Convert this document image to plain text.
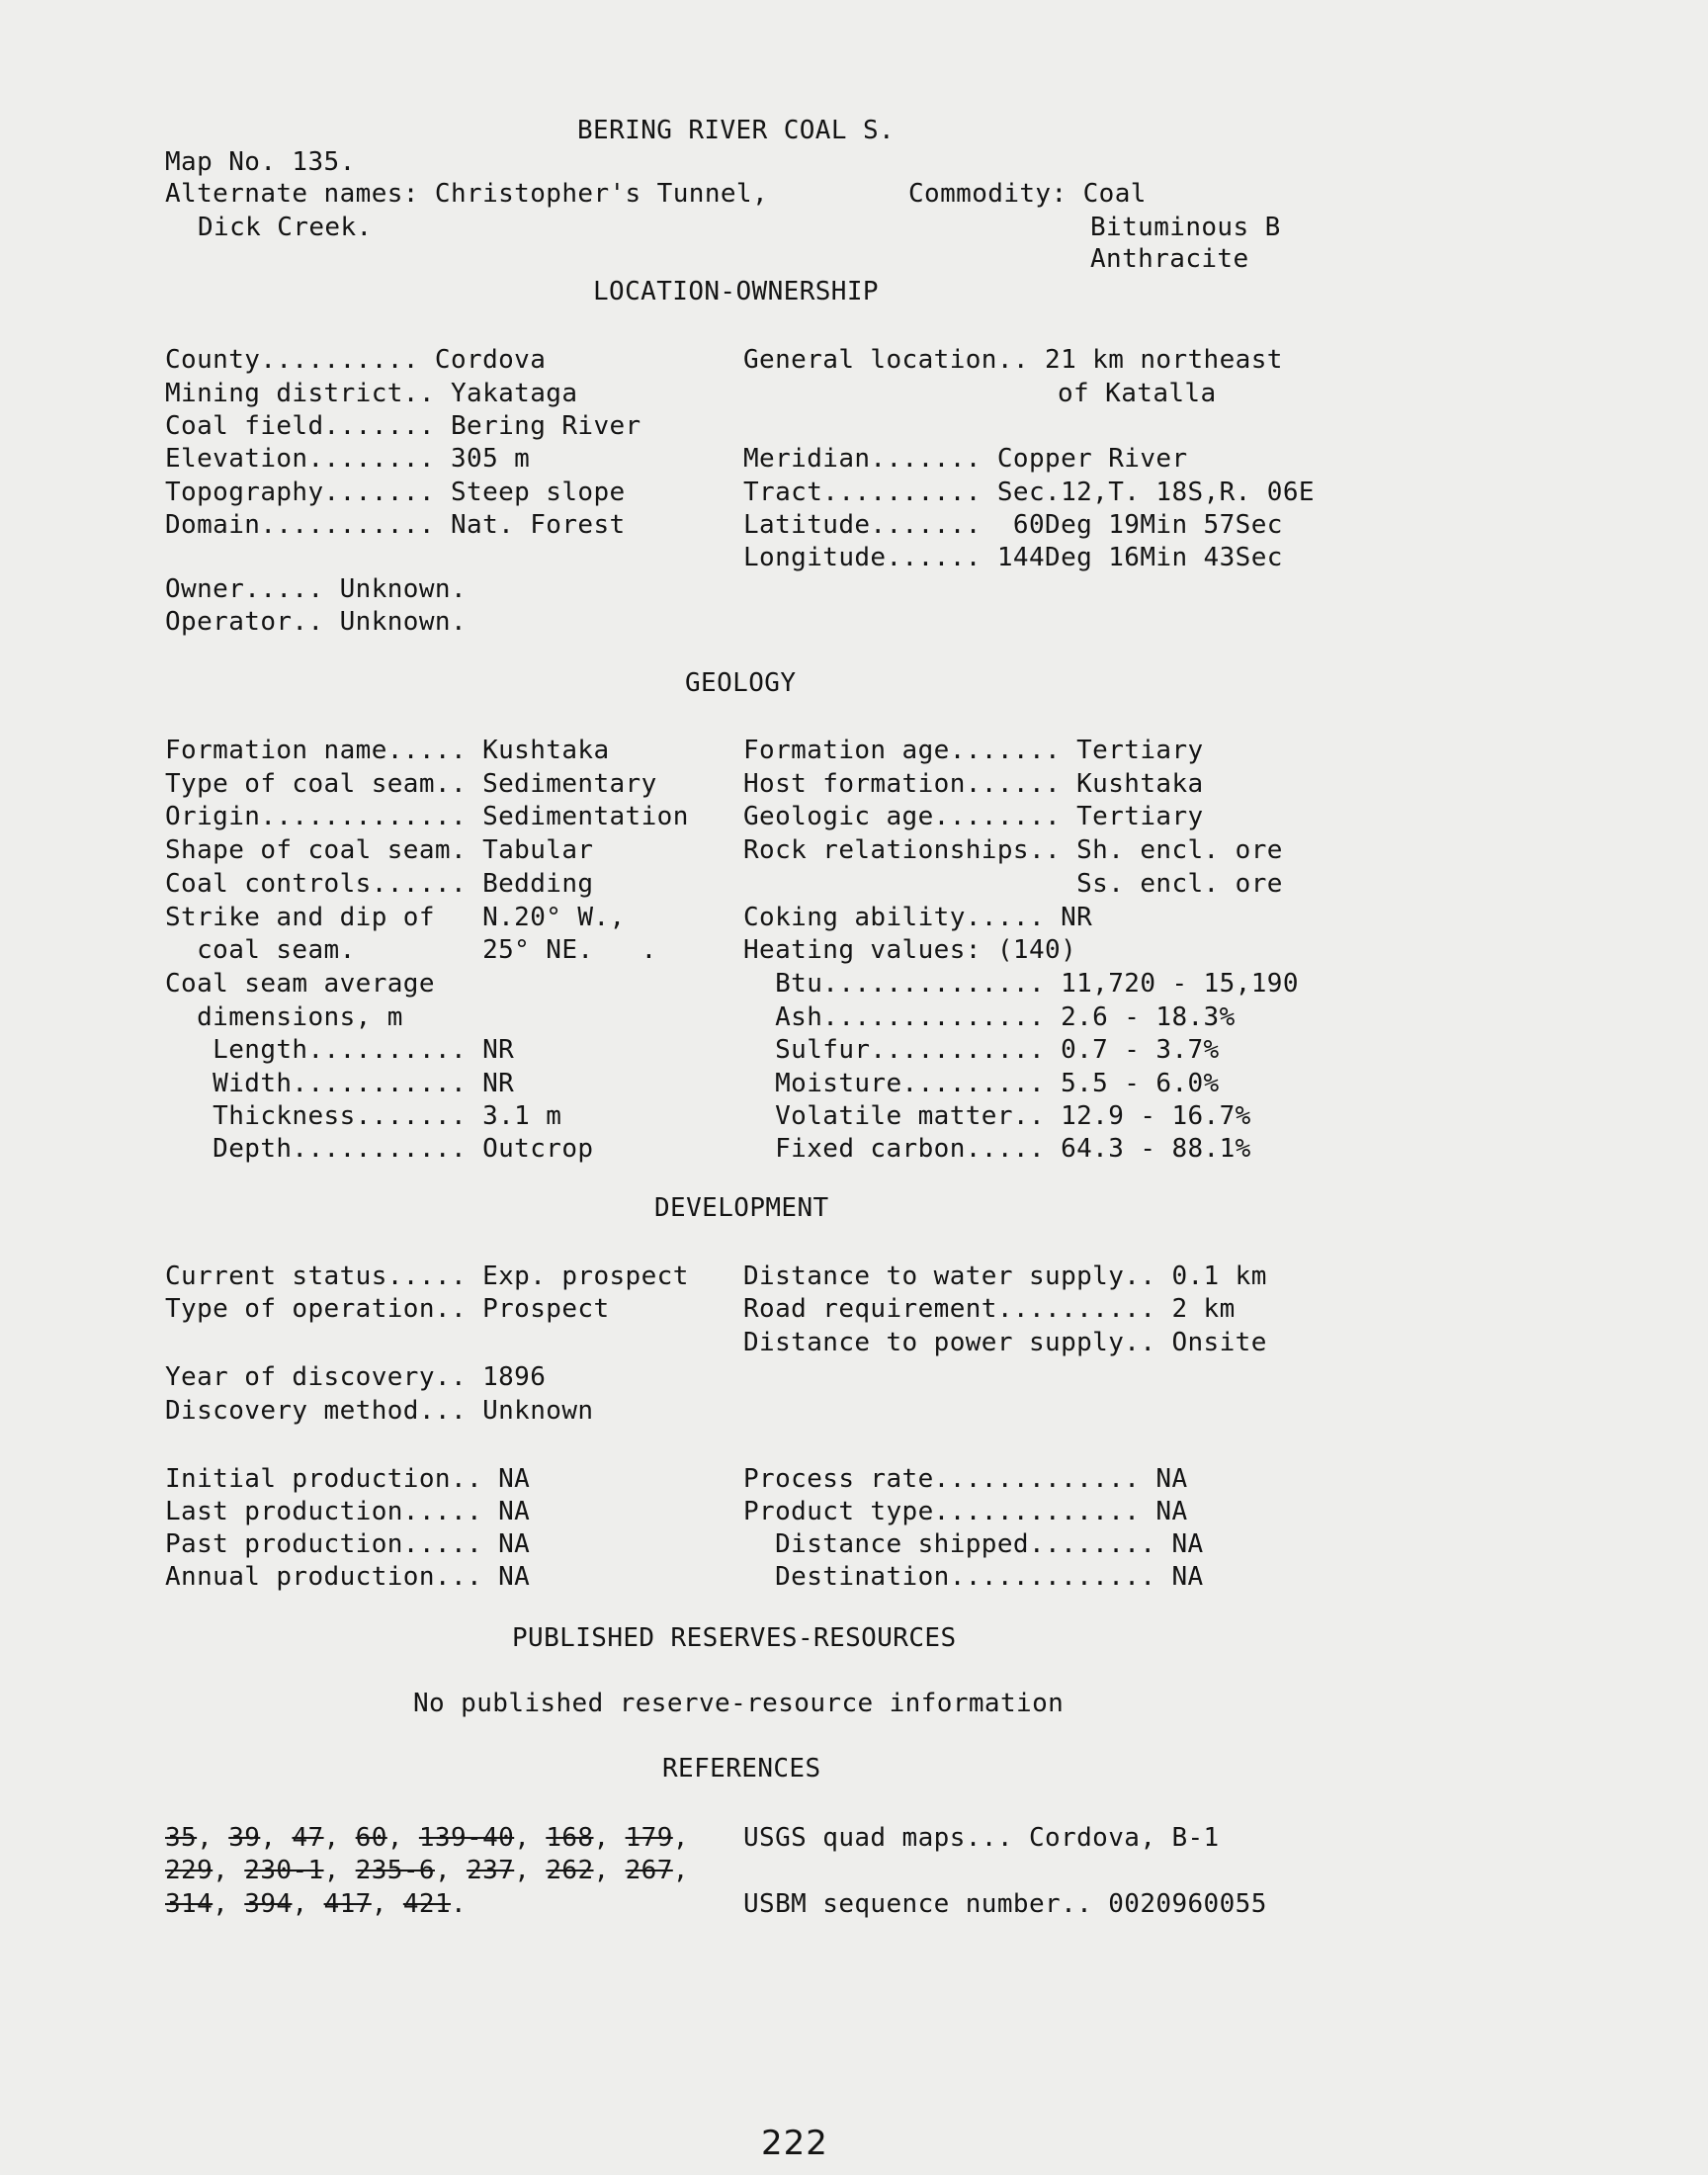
BERING RIVER COAL S.
Map No. 135.
Alternate names: Christopher's Tunnel,
Dick Creek.
Commodity: Coal
Bituminous B
Anthracite
LOCATION-OWNERSHIP
County.......... Cordova
Mining district.. Yakataga
Coal field....... Bering River
Elevation........ 305 m
Topography....... Steep slope
Domain........... Nat. Forest
General location.. 21 km northeast
of Katalla
Meridian....... Copper River
Tract.......... Sec.12,T. 18S,R. 06E
Latitude.......  60Deg 19Min 57Sec
Longitude...... 144Deg 16Min 43Sec
Owner..... Unknown.
Operator.. Unknown.
GEOLOGY
Formation name..... Kushtaka
Type of coal seam.. Sedimentary
Origin............. Sedimentation
Shape of coal seam. Tabular
Coal controls...... Bedding
Strike and dip of   N.20° W.,
coal seam.        25° NE.   .
Coal seam average
dimensions, m
Length.......... NR
Width........... NR
Thickness....... 3.1 m
Depth........... Outcrop
Formation age....... Tertiary
Host formation...... Kushtaka
Geologic age........ Tertiary
Rock relationships.. Sh. encl. ore
Ss. encl. ore
Coking ability..... NR
Heating values: (140)
Btu.............. 11,720 - 15,190
Ash.............. 2.6 - 18.3%
Sulfur........... 0.7 - 3.7%
Moisture......... 5.5 - 6.0%
Volatile matter.. 12.9 - 16.7%
Fixed carbon..... 64.3 - 88.1%
DEVELOPMENT
Current status..... Exp. prospect
Type of operation.. Prospect
Distance to water supply.. 0.1 km
Road requirement.......... 2 km
Distance to power supply.. Onsite
Year of discovery.. 1896
Discovery method... Unknown
Initial production.. NA
Last production..... NA
Past production..... NA
Annual production... NA
Process rate............. NA
Product type............. NA
Distance shipped........ NA
Destination............. NA
PUBLISHED RESERVES-RESOURCES
No published reserve-resource information
REFERENCES
35, 39, 47, 60, 139-40, 168, 179,
229, 230-1, 235-6, 237, 262, 267,
314, 394, 417, 421.
USGS quad maps... Cordova, B-1
USBM sequence number.. 0020960055
222
